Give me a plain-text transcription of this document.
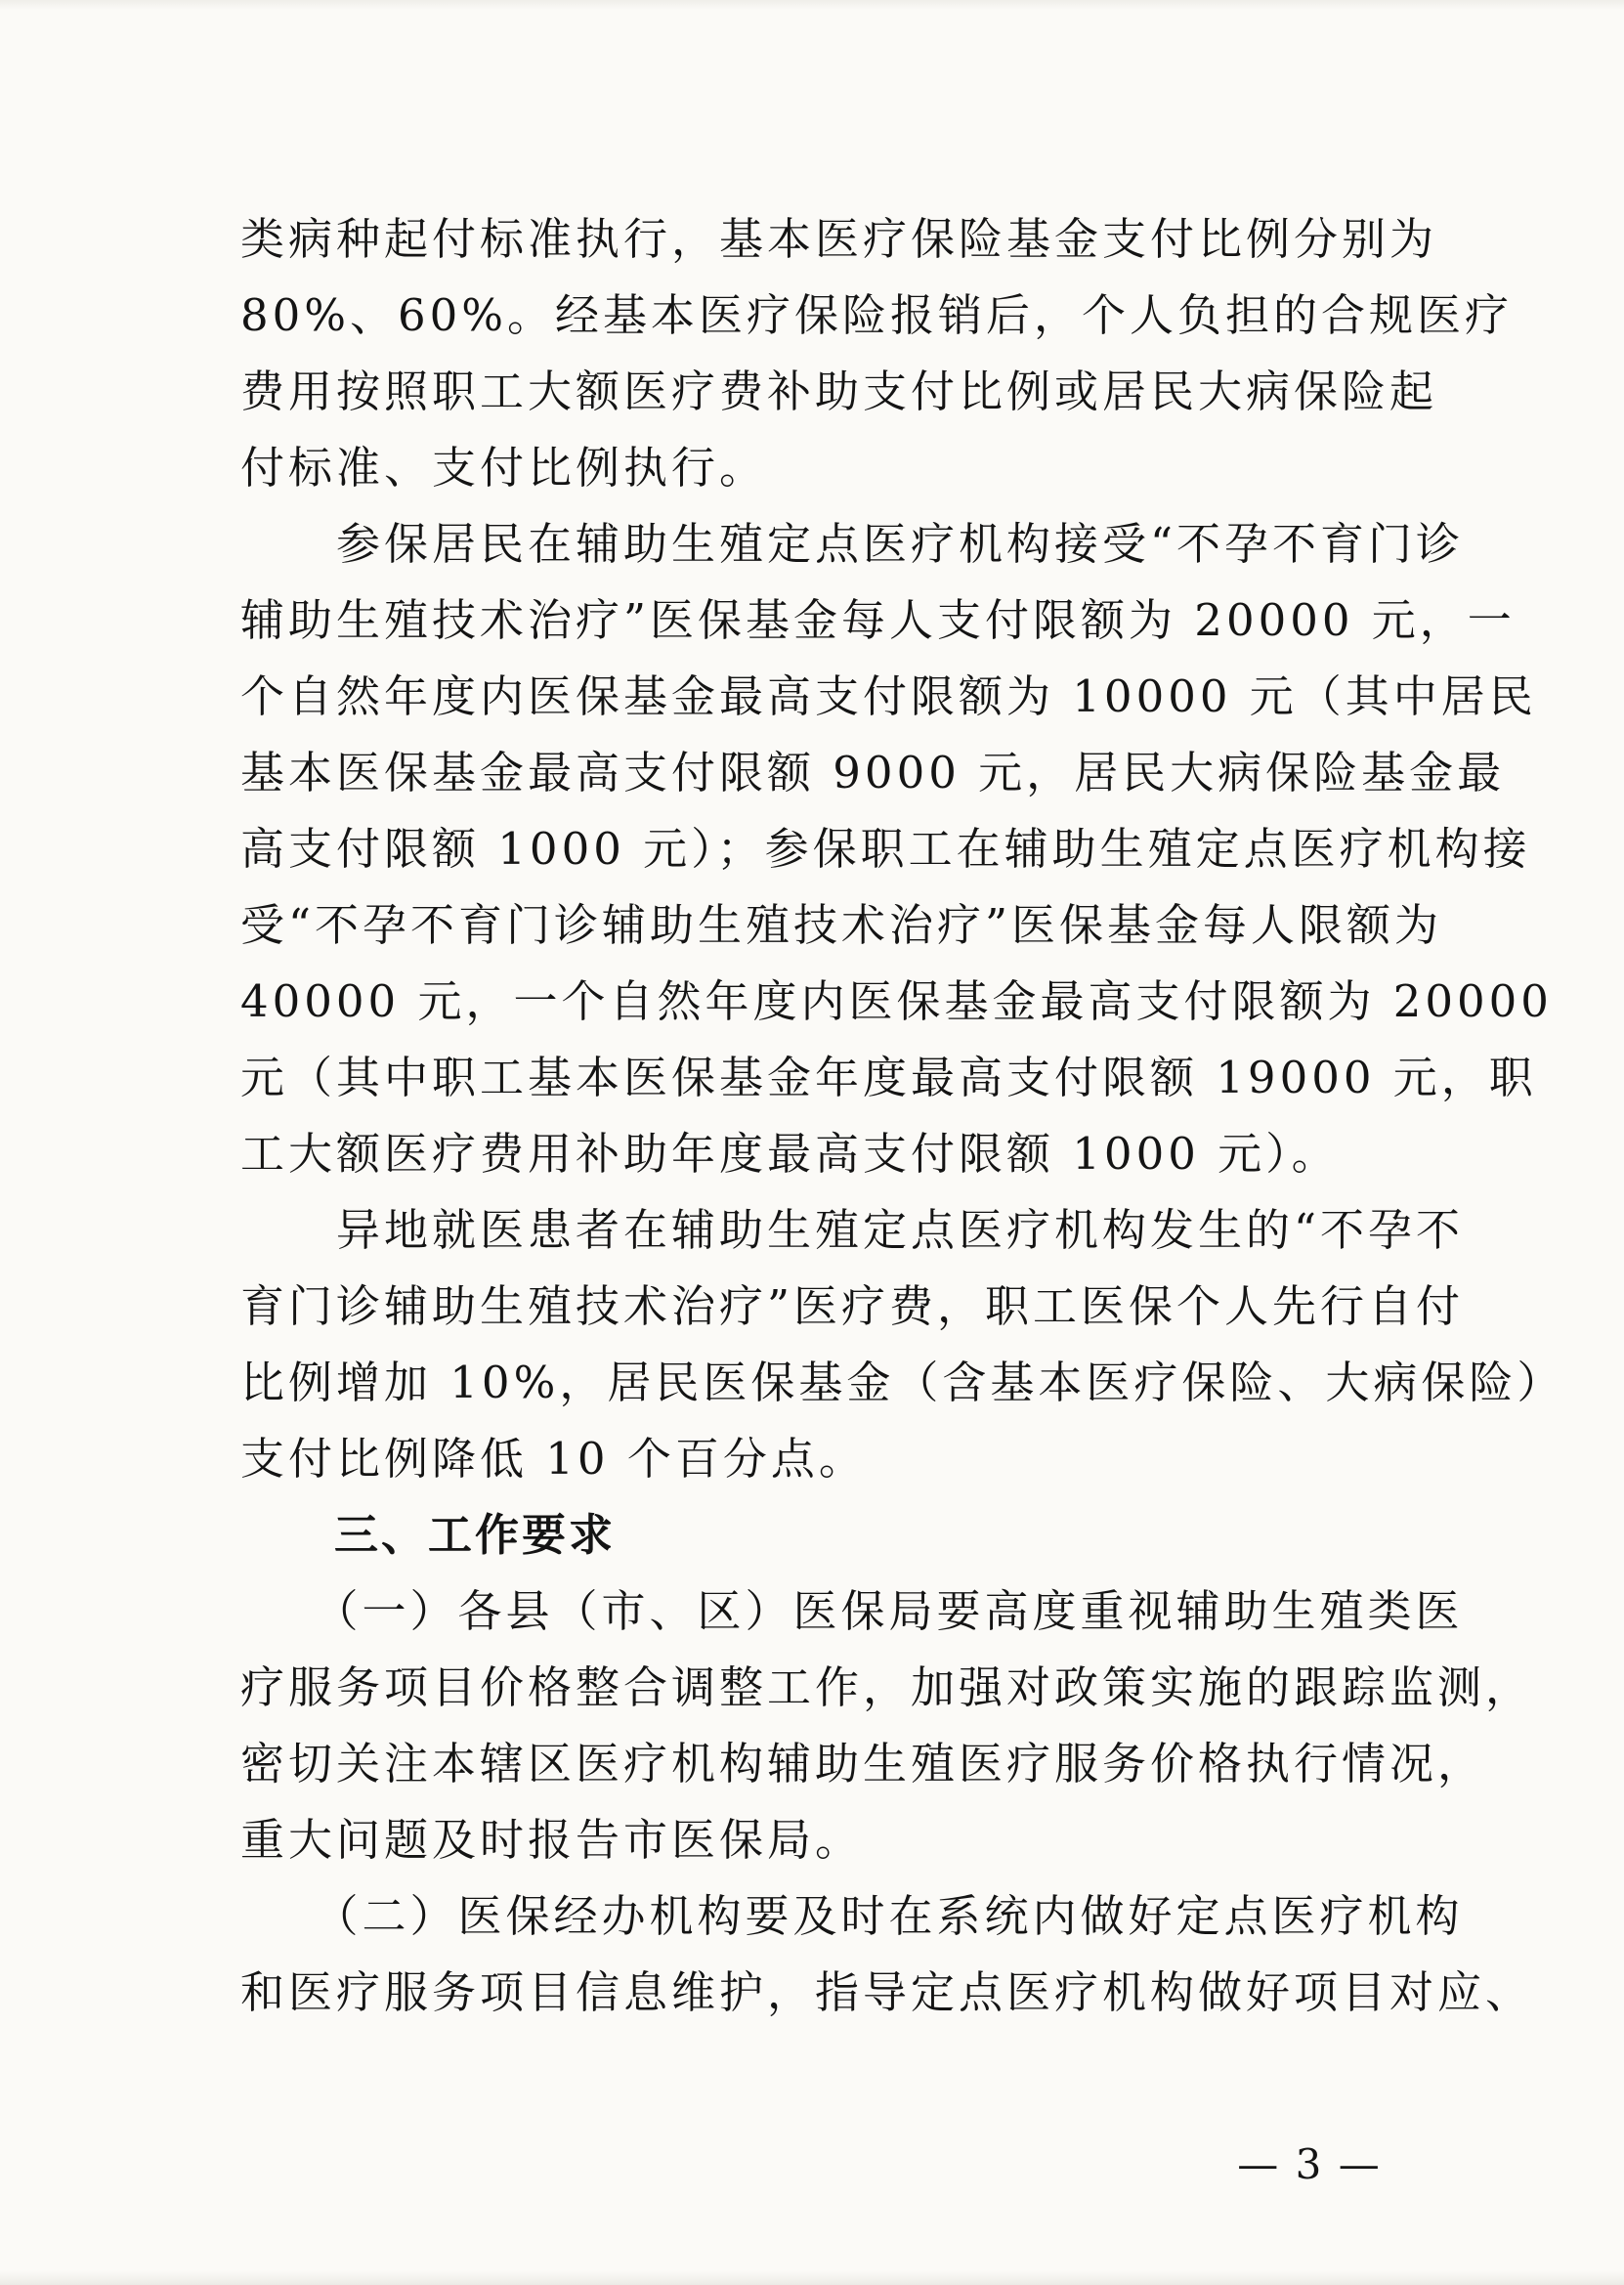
类病种起付标准执行，基本医疗保险基金支付比例分别为
80%、60%。经基本医疗保险报销后，个人负担的合规医疗
费用按照职工大额医疗费补助支付比例或居民大病保险起
付标准、支付比例执行。
　　参保居民在辅助生殖定点医疗机构接受“不孕不育门诊
辅助生殖技术治疗”医保基金每人支付限额为 20000 元，一
个自然年度内医保基金最高支付限额为 10000 元（其中居民
基本医保基金最高支付限额 9000 元，居民大病保险基金最
高支付限额 1000 元）；参保职工在辅助生殖定点医疗机构接
受“不孕不育门诊辅助生殖技术治疗”医保基金每人限额为
40000 元，一个自然年度内医保基金最高支付限额为 20000
元（其中职工基本医保基金年度最高支付限额 19000 元，职
工大额医疗费用补助年度最高支付限额 1000 元）。
　　异地就医患者在辅助生殖定点医疗机构发生的“不孕不
育门诊辅助生殖技术治疗”医疗费，职工医保个人先行自付
比例增加 10%，居民医保基金（含基本医疗保险、大病保险）
支付比例降低 10 个百分点。
　　三、工作要求
　　（一）各县（市、区）医保局要高度重视辅助生殖类医
疗服务项目价格整合调整工作，加强对政策实施的跟踪监测，
密切关注本辖区医疗机构辅助生殖医疗服务价格执行情况，
重大问题及时报告市医保局。
　　（二）医保经办机构要及时在系统内做好定点医疗机构
和医疗服务项目信息维护，指导定点医疗机构做好项目对应、
— 3 —
